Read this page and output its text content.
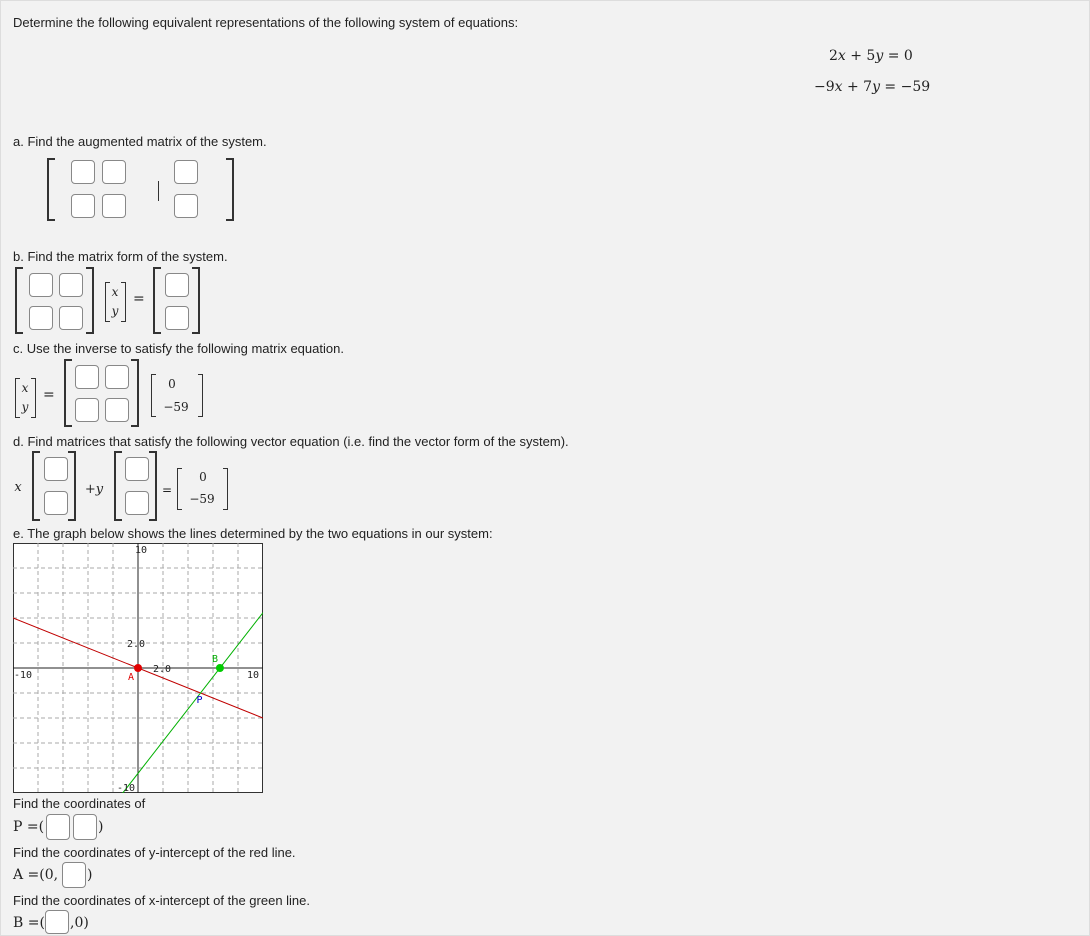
Determine the following equivalent representations of the following system of equations:
2𝑥 + 5𝑦 = 0
−9𝑥 + 7𝑦 = −59
a. Find the augmented matrix of the system.
b. Find the matrix form of the system.
x
y
=
c. Use the inverse to satisfy the following matrix equation.
x
y
=
0
−59
d. Find matrices that satisfy the following vector equation (i.e. find the vector form of the system).
x	+y	=
0
−59
e. The graph below shows the lines determined by the two equations in our system:
A
B
P
10
-10
-10	10
2.0
2.0
Find the coordinates of
P =(	)
Find the coordinates of y-intercept of the red line.
A =(0, )
Find the coordinates of x-intercept of the green line.
B =( ,0)
